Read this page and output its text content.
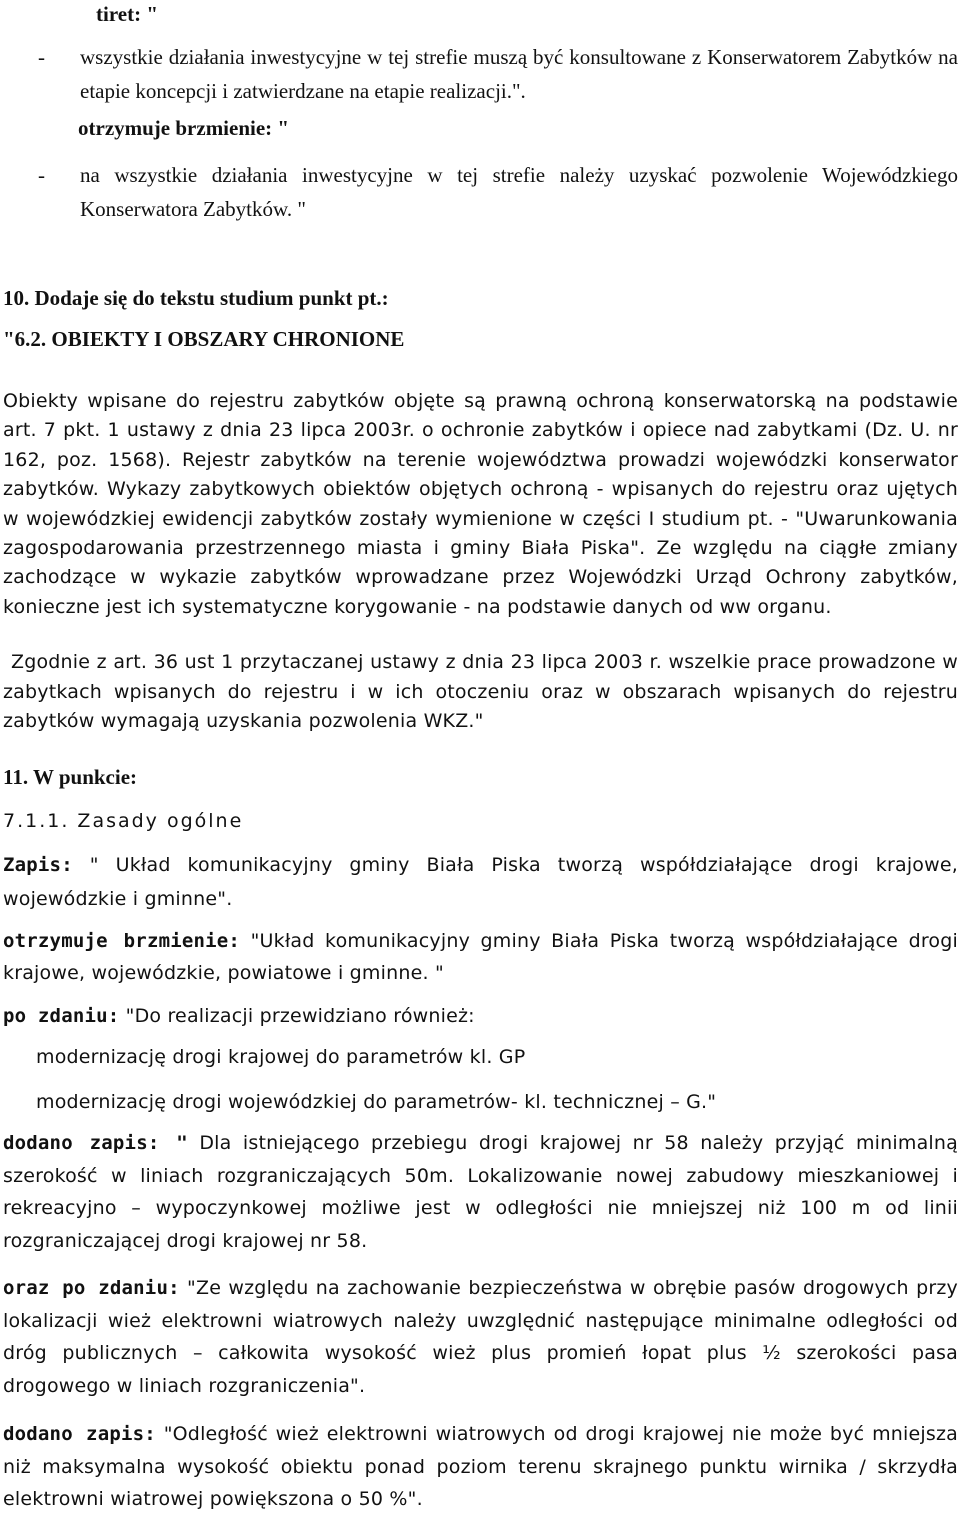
tiret: "

- wszystkie działania inwestycyjne w tej strefie muszą być konsultowane z Konserwatorem Zabytków na etapie koncepcji i zatwierdzane na etapie realizacji.".

otrzymuje brzmienie: "

- na wszystkie działania inwestycyjne w tej strefie należy uzyskać pozwolenie Wojewódzkiego Konserwatora Zabytków. "

10. Dodaje się do tekstu studium punkt pt.:

"6.2. OBIEKTY I OBSZARY CHRONIONE

Obiekty wpisane do rejestru zabytków objęte są prawną ochroną konserwatorską na podstawie art. 7 pkt. 1 ustawy z dnia 23 lipca 2003r. o ochronie zabytków i opiece nad zabytkami (Dz. U. nr 162, poz. 1568). Rejestr zabytków na terenie województwa prowadzi wojewódzki konserwator zabytków. Wykazy zabytkowych obiektów objętych ochroną - wpisanych do rejestru oraz ujętych w wojewódzkiej ewidencji zabytków zostały wymienione w części I studium pt. - "Uwarunkowania zagospodarowania przestrzennego miasta i gminy Biała Piska". Ze względu na ciągłe zmiany zachodzące w wykazie zabytków wprowadzane przez Wojewódzki Urząd Ochrony zabytków, konieczne jest ich systematyczne korygowanie - na podstawie danych od ww organu.

Zgodnie z art. 36 ust 1 przytaczanej ustawy z dnia 23 lipca 2003 r. wszelkie prace prowadzone w zabytkach wpisanych do rejestru i w ich otoczeniu oraz w obszarach wpisanych do rejestru zabytków wymagają uzyskania pozwolenia WKZ."

11. W punkcie:

7.1.1. Zasady ogólne

Zapis: " Układ komunikacyjny gminy Biała Piska tworzą współdziałające drogi krajowe, wojewódzkie i gminne".

otrzymuje brzmienie: "Układ komunikacyjny gminy Biała Piska tworzą współdziałające drogi krajowe, wojewódzkie, powiatowe i gminne. "

po zdaniu: "Do realizacji przewidziano również:

modernizację drogi krajowej do parametrów kl. GP

modernizację drogi wojewódzkiej do parametrów- kl. technicznej – G."

dodano zapis: " Dla istniejącego przebiegu drogi krajowej nr 58 należy przyjąć minimalną szerokość w liniach rozgraniczających 50m. Lokalizowanie nowej zabudowy mieszkaniowej i rekreacyjno – wypoczynkowej możliwe jest w odległości nie mniejszej niż 100 m od linii rozgraniczającej drogi krajowej nr 58.

oraz po zdaniu: "Ze względu na zachowanie bezpieczeństwa w obrębie pasów drogowych przy lokalizacji wież elektrowni wiatrowych należy uwzględnić następujące minimalne odległości od dróg publicznych – całkowita wysokość wież plus promień łopat plus ½ szerokości pasa drogowego w liniach rozgraniczenia".

dodano zapis: "Odległość wież elektrowni wiatrowych od drogi krajowej nie może być mniejsza niż maksymalna wysokość obiektu ponad poziom terenu skrajnego punktu wirnika / skrzydła elektrowni wiatrowej powiększona o 50 %".
